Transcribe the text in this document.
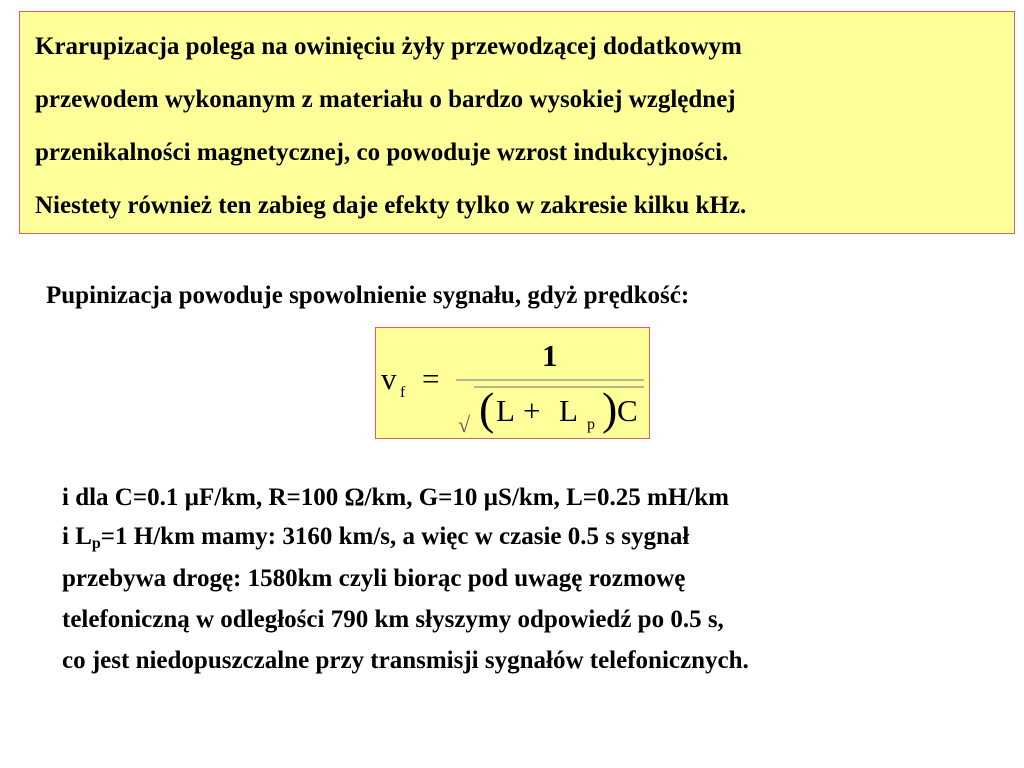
Krarupizacja polega na owinięciu żyły przewodzącej dodatkowym
przewodem wykonanym z materiału o bardzo wysokiej względnej
przenikalności magnetycznej, co powoduje wzrost indukcyjności.
Niestety również ten zabieg daje efekty tylko w zakresie kilku kHz.
Pupinizacja powoduje spowolnienie sygnału, gdyż prędkość:
v f =
1
√ ( L + L p ) C
i dla C=0.1 µF/km, R=100 Ω/km, G=10 µS/km, L=0.25 mH/km
i $L_p=1$ H/km mamy: 3160 km/s, a więc w czasie 0.5 s sygnał
przebywa drogę: 1580km czyli biorąc pod uwagę rozmowę
telefoniczną w odległości 790 km słyszymy odpowiedź po 0.5 s,
co jest niedopuszczalne przy transmisji sygnałów telefonicznych.
